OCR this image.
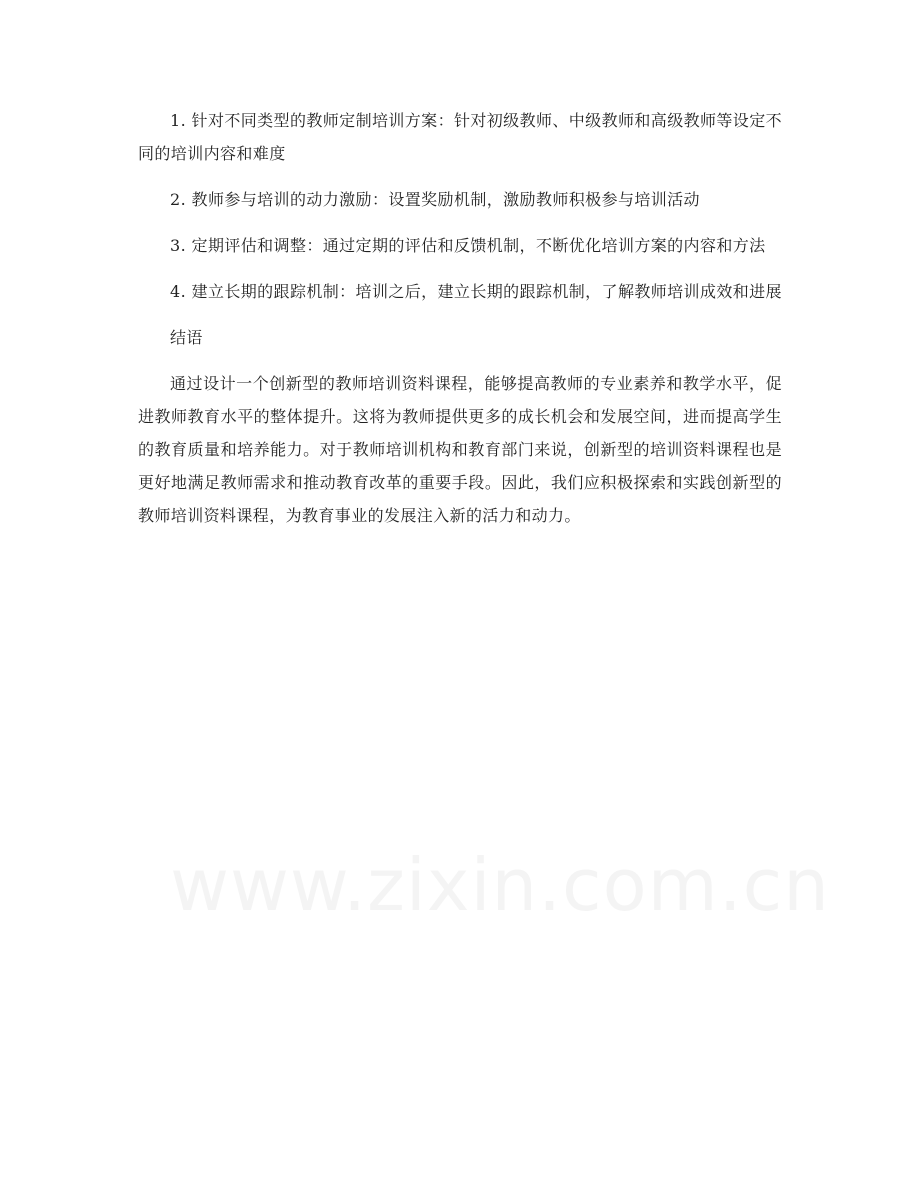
1. 针对不同类型的教师定制培训方案：针对初级教师、中级教师和高级教师等设定不同的培训内容和难度

2. 教师参与培训的动力激励：设置奖励机制，激励教师积极参与培训活动

3. 定期评估和调整：通过定期的评估和反馈机制，不断优化培训方案的内容和方法

4. 建立长期的跟踪机制：培训之后，建立长期的跟踪机制，了解教师培训成效和进展

结语

通过设计一个创新型的教师培训资料课程，能够提高教师的专业素养和教学水平，促进教师教育水平的整体提升。这将为教师提供更多的成长机会和发展空间，进而提高学生的教育质量和培养能力。对于教师培训机构和教育部门来说，创新型的培训资料课程也是更好地满足教师需求和推动教育改革的重要手段。因此，我们应积极探索和实践创新型的教师培训资料课程，为教育事业的发展注入新的活力和动力。

www.zixin.com.cn
